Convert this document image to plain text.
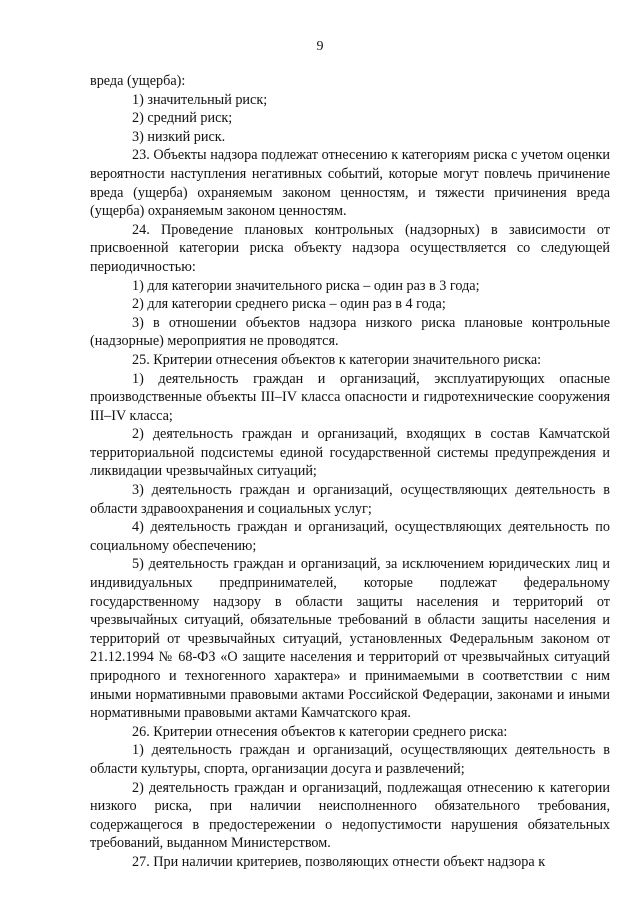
9

вреда (ущерба):

1) значительный риск;

2) средний риск;

3) низкий риск.

23. Объекты надзора подлежат отнесению к категориям риска с учетом оценки вероятности наступления негативных событий, которые могут повлечь причинение вреда (ущерба) охраняемым законом ценностям, и тяжести причинения вреда (ущерба) охраняемым законом ценностям.

24. Проведение плановых контрольных (надзорных) в зависимости от присвоенной категории риска объекту надзора осуществляется со следующей периодичностью:

1) для категории значительного риска – один раз в 3 года;

2) для категории среднего риска – один раз в 4 года;

3) в отношении объектов надзора низкого риска плановые контрольные (надзорные) мероприятия не проводятся.

25. Критерии отнесения объектов к категории значительного риска:

1) деятельность граждан и организаций, эксплуатирующих опасные производственные объекты III–IV класса опасности и гидротехнические сооружения III–IV класса;

2) деятельность граждан и организаций, входящих в состав Камчатской территориальной подсистемы единой государственной системы предупреждения и ликвидации чрезвычайных ситуаций;

3) деятельность граждан и организаций, осуществляющих деятельность в области здравоохранения и социальных услуг;

4) деятельность граждан и организаций, осуществляющих деятельность по социальному обеспечению;

5) деятельность граждан и организаций, за исключением юридических лиц и индивидуальных предпринимателей, которые подлежат федеральному государственному надзору в области защиты населения и территорий от чрезвычайных ситуаций, обязательные требований в области защиты населения и территорий от чрезвычайных ситуаций, установленных Федеральным законом от 21.12.1994 № 68-ФЗ «О защите населения и территорий от чрезвычайных ситуаций природного и техногенного характера» и принимаемыми в соответствии с ним иными нормативными правовыми актами Российской Федерации, законами и иными нормативными правовыми актами Камчатского края.

26. Критерии отнесения объектов к категории среднего риска:

1) деятельность граждан и организаций, осуществляющих деятельность в области культуры, спорта, организации досуга и развлечений;

2) деятельность граждан и организаций, подлежащая отнесению к категории низкого риска, при наличии неисполненного обязательного требования, содержащегося в предостережении о недопустимости нарушения обязательных требований, выданном Министерством.

27. При наличии критериев, позволяющих отнести объект надзора к
